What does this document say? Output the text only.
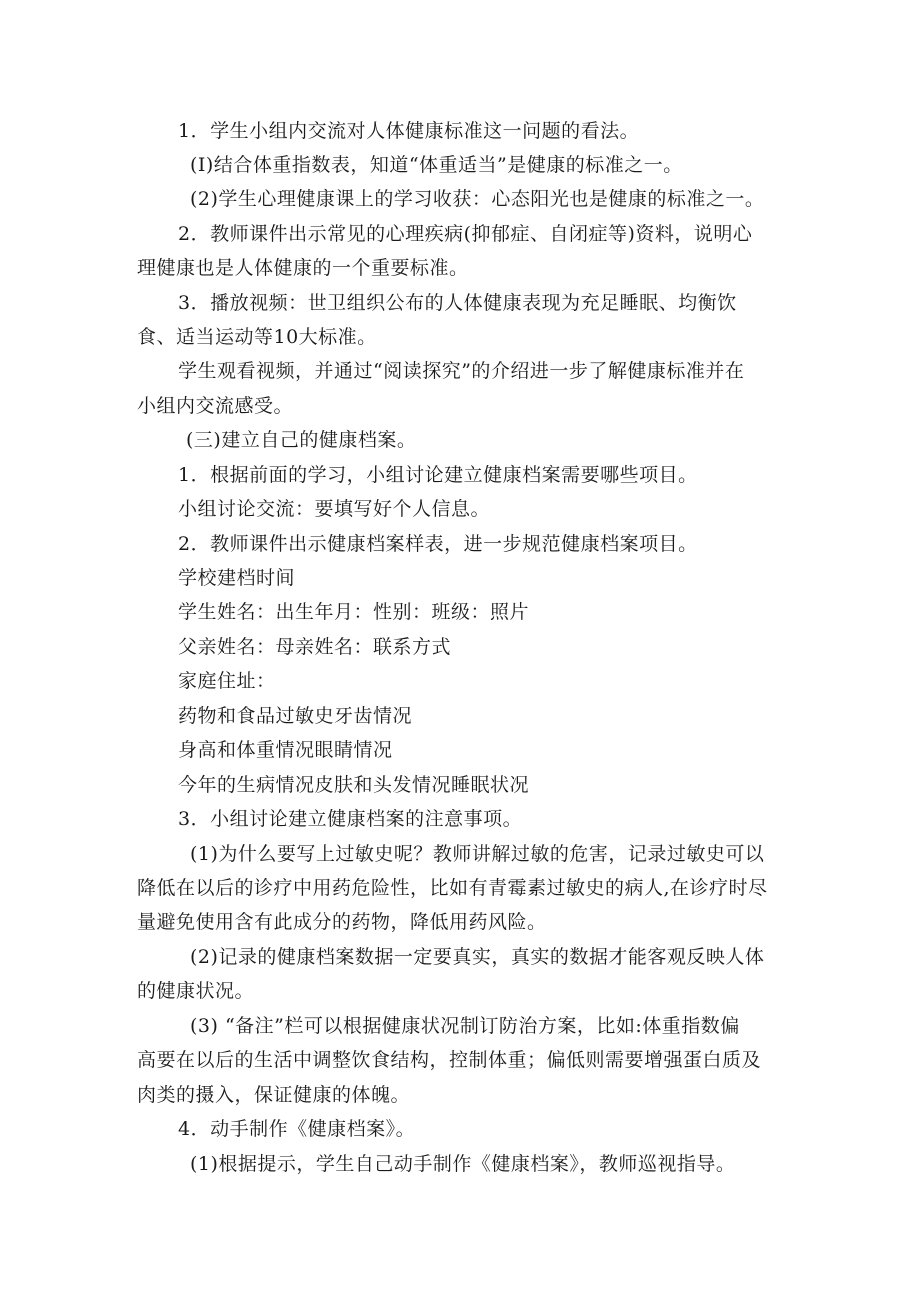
1．学生小组内交流对人体健康标准这一问题的看法。
(I)结合体重指数表，知道“体重适当”是健康的标准之一。
(2)学生心理健康课上的学习收获：心态阳光也是健康的标准之一。
2．教师课件出示常见的心理疾病(抑郁症、自闭症等)资料，说明心
理健康也是人体健康的一个重要标准。
3．播放视频：世卫组织公布的人体健康表现为充足睡眠、均衡饮
食、适当运动等10大标准。
学生观看视频，并通过“阅读探究”的介绍进一步了解健康标准并在
小组内交流感受。
(三)建立自己的健康档案。
1．根据前面的学习，小组讨论建立健康档案需要哪些项目。
小组讨论交流：要填写好个人信息。
2．教师课件出示健康档案样表，进一步规范健康档案项目。
学校建档时间
学生姓名：出生年月：性别：班级：照片
父亲姓名：母亲姓名：联系方式
家庭住址：
药物和食品过敏史牙齿情况
身高和体重情况眼睛情况
今年的生病情况皮肤和头发情况睡眠状况
3．小组讨论建立健康档案的注意事项。
(1)为什么要写上过敏史呢？教师讲解过敏的危害，记录过敏史可以
降低在以后的诊疗中用药危险性，比如有青霉素过敏史的病人,在诊疗时尽
量避免使用含有此成分的药物，降低用药风险。
(2)记录的健康档案数据一定要真实，真实的数据才能客观反映人体
的健康状况。
(3) “备注”栏可以根据健康状况制订防治方案，比如:体重指数偏
高要在以后的生活中调整饮食结构，控制体重；偏低则需要增强蛋白质及
肉类的摄入，保证健康的体魄。
4．动手制作《健康档案》。
(1)根据提示，学生自己动手制作《健康档案》，教师巡视指导。
